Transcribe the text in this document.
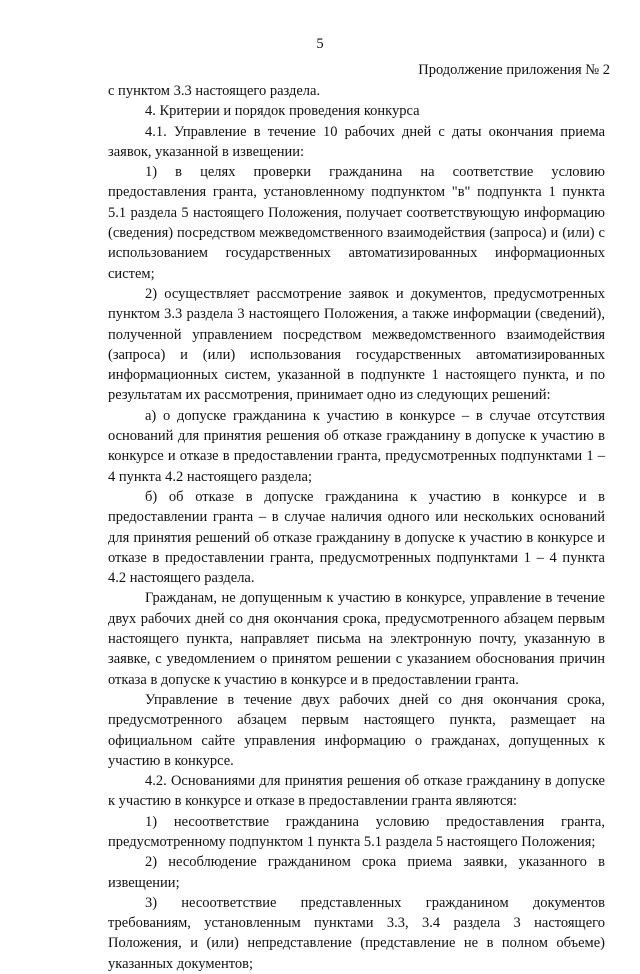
5
Продолжение приложения № 2

с пунктом 3.3 настоящего раздела.

4. Критерии и порядок проведения конкурса

4.1. Управление в течение 10 рабочих дней с даты окончания приема заявок, указанной в извещении:

1) в целях проверки гражданина на соответствие условию предоставления гранта, установленному подпунктом "в" подпункта 1 пункта 5.1 раздела 5 настоящего Положения, получает соответствующую информацию (сведения) посредством межведомственного взаимодействия (запроса) и (или) с использованием государственных автоматизированных информационных систем;

2) осуществляет рассмотрение заявок и документов, предусмотренных пунктом 3.3 раздела 3 настоящего Положения, а также информации (сведений), полученной управлением посредством межведомственного взаимодействия (запроса) и (или) использования государственных автоматизированных информационных систем, указанной в подпункте 1 настоящего пункта, и по результатам их рассмотрения, принимает одно из следующих решений:

а) о допуске гражданина к участию в конкурсе – в случае отсутствия оснований для принятия решения об отказе гражданину в допуске к участию в конкурсе и отказе в предоставлении гранта, предусмотренных подпунктами 1 – 4 пункта 4.2 настоящего раздела;

б) об отказе в допуске гражданина к участию в конкурсе и в предоставлении гранта – в случае наличия одного или нескольких оснований для принятия решений об отказе гражданину в допуске к участию в конкурсе и отказе в предоставлении гранта, предусмотренных подпунктами 1 – 4 пункта 4.2 настоящего раздела.

Гражданам, не допущенным к участию в конкурсе, управление в течение двух рабочих дней со дня окончания срока, предусмотренного абзацем первым настоящего пункта, направляет письма на электронную почту, указанную в заявке, с уведомлением о принятом решении с указанием обоснования причин отказа в допуске к участию в конкурсе и в предоставлении гранта.

Управление в течение двух рабочих дней со дня окончания срока, предусмотренного абзацем первым настоящего пункта, размещает на официальном сайте управления информацию о гражданах, допущенных к участию в конкурсе.

4.2. Основаниями для принятия решения об отказе гражданину в допуске к участию в конкурсе и отказе в предоставлении гранта являются:

1) несоответствие гражданина условию предоставления гранта, предусмотренному подпунктом 1 пункта 5.1 раздела 5 настоящего Положения;

2) несоблюдение гражданином срока приема заявки, указанного в извещении;

3) несоответствие представленных гражданином документов требованиям, установленным пунктами 3.3, 3.4 раздела 3 настоящего Положения, и (или) непредставление (представление не в полном объеме) указанных документов;
